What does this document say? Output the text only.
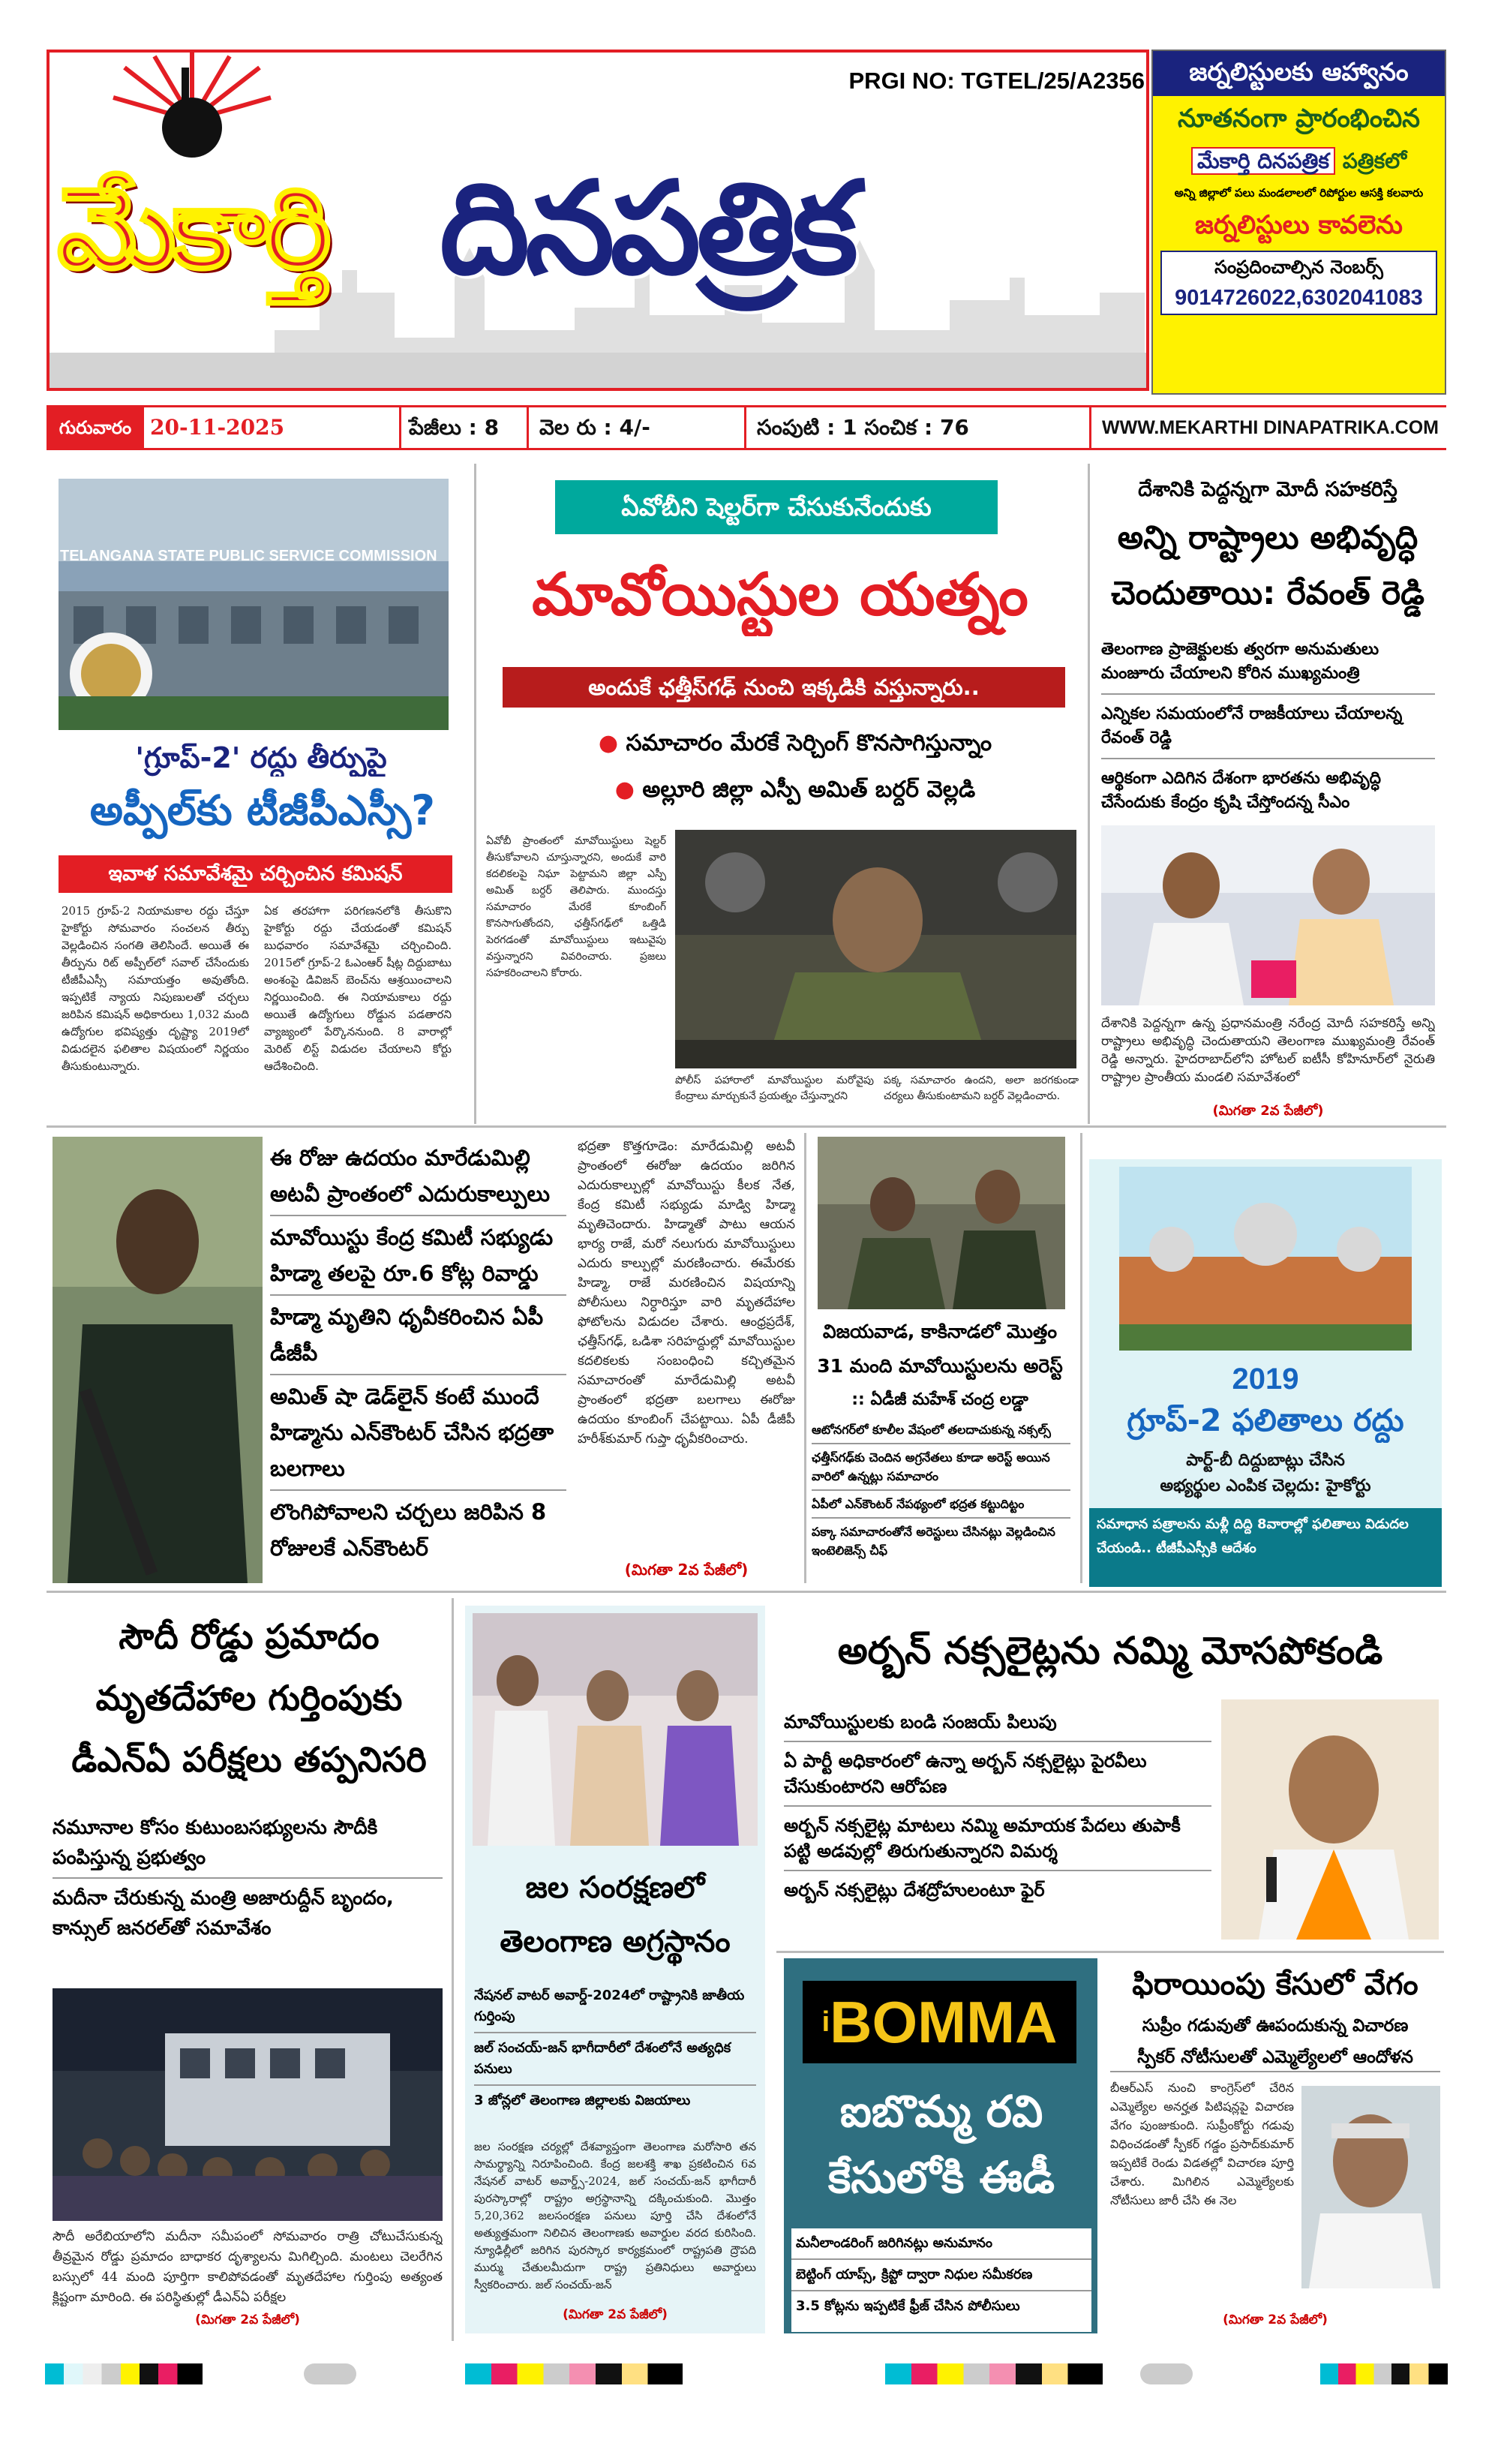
మేకార్తి దినపత్రిక
PRGI NO: TGTEL/25/A2356	జర్నలిస్టులకు ఆహ్వానం
నూతనంగా ప్రారంభించిన
మేకార్తి దినపత్రిక పత్రికలో
అన్ని జిల్లాలో పలు మండలాలలో రిపోర్టుల ఆసక్తి కలవారు
జర్నలిస్టులు కావలెను
సంప్రదించాల్సిన నెంబర్స్
9014726022,6302041083
గురువారం 20-11-2025	పేజీలు : 8	వెల రు : 4/-	సంపుటి : 1 సంచిక : 76	WWW.MEKARTHI DINAPATRIKA.COM
TELANGANA STATE PUBLIC SERVICE COMMISSION
'గ్రూప్-2' రద్దు తీర్పుపై
అప్పీల్‌కు టీజీపీఎస్సీ?
ఇవాళ సమావేశమై చర్చించిన కమిషన్
2015 గ్రూప్-2 నియామకాల రద్దు చేస్తూ హైకోర్టు సోమవారం సంచలన తీర్పు వెల్లడించిన సంగతి తెలిసిందే. అయితే ఈ తీర్పును రిట్ అప్పీల్‌లో సవాల్ చేసేందుకు టీజీపీఎస్సీ సమాయత్తం అవుతోంది. ఇప్పటికే న్యాయ నిపుణులతో చర్చలు జరిపిన కమిషన్ అధికారులు 1,032 మంది ఉద్యోగుల భవిష్యత్తు దృష్ట్యా 2019లో విడుదలైన ఫలితాల విషయంలో నిర్ణయం తీసుకుంటున్నారు.
ఏక తరహాగా పరిగణనలోకి తీసుకొని హైకోర్టు రద్దు చేయడంతో కమిషన్ బుధవారం సమావేశమై చర్చించింది. 2015లో గ్రూప్-2 ఓఎంఆర్ షీట్ల దిద్దుబాటు అంశంపై డివిజన్ బెంచ్‌ను ఆశ్రయించాలని నిర్ణయించింది. ఈ నియామకాలు రద్దు అయితే ఉద్యోగులు రోడ్డున పడతారని వ్యాజ్యంలో పేర్కొననుంది. 8 వారాల్లో మెరిట్ లిస్ట్ విడుదల చేయాలని కోర్టు ఆదేశించింది.
ఏవోబీని షెల్టర్‌గా చేసుకునేందుకు
మావోయిస్టుల యత్నం
అందుకే ఛత్తీస్‌గఢ్ నుంచి ఇక్కడికి వస్తున్నారు..
● సమాచారం మేరకే సెర్చింగ్ కొనసాగిస్తున్నాం
● అల్లూరి జిల్లా ఎస్పీ అమిత్ బర్దర్ వెల్లడి
ఏవోబీ ప్రాంతంలో మావోయిస్టులు షెల్టర్ తీసుకోవాలని చూస్తున్నారని, అందుకే వారి కదలికలపై నిఘా పెట్టామని జిల్లా ఎస్పీ అమిత్ బర్దర్ తెలిపారు. ముందస్తు సమాచారం మేరకే కూంబింగ్ కొనసాగుతోందని, ఛత్తీస్‌గఢ్‌లో ఒత్తిడి పెరగడంతో మావోయిస్టులు ఇటువైపు వస్తున్నారని వివరించారు. ప్రజలు సహకరించాలని కోరారు.
పోలీస్ పహారాలో మావోయిస్టుల మరోవైపు కేంద్రాలు మార్చుకునే ప్రయత్నం చేస్తున్నారని
పక్క సమాచారం ఉందని, అలా జరగకుండా చర్యలు తీసుకుంటామని బర్దర్ వెల్లడించారు.
దేశానికి పెద్దన్నగా మోదీ సహకరిస్తే
అన్ని రాష్ట్రాలు అభివృద్ధి చెందుతాయి: రేవంత్ రెడ్డి
తెలంగాణ ప్రాజెక్టులకు త్వరగా అనుమతులు మంజూరు చేయాలని కోరిన ముఖ్యమంత్రి
ఎన్నికల సమయంలోనే రాజకీయాలు చేయాలన్న రేవంత్ రెడ్డి
ఆర్థికంగా ఎదిగిన దేశంగా భారతను అభివృద్ధి చేసేందుకు కేంద్రం కృషి చేస్తోందన్న సీఎం
దేశానికి పెద్దన్నగా ఉన్న ప్రధానమంత్రి నరేంద్ర మోదీ సహకరిస్తే అన్ని రాష్ట్రాలు అభివృద్ధి చెందుతాయని తెలంగాణ ముఖ్యమంత్రి రేవంత్ రెడ్డి అన్నారు. హైదరాబాద్‌లోని హోటల్ ఐటీసీ కోహినూర్‌లో నైరుతి రాష్ట్రాల ప్రాంతీయ మండలి సమావేశంలో
(మిగతా 2వ పేజీలో)
ఈ రోజు ఉదయం మారేడుమిల్లి అటవీ ప్రాంతంలో ఎదురుకాల్పులు
మావోయిస్టు కేంద్ర కమిటీ సభ్యుడు హిడ్మా తలపై రూ.6 కోట్ల రివార్డు
హిడ్మా మృతిని ధృవీకరించిన ఏపీ డీజీపీ
అమిత్ షా డెడ్‌లైన్ కంటే ముందే హిడ్మాను ఎన్‌కౌంటర్ చేసిన భద్రతా బలగాలు
లొంగిపోవాలని చర్చలు జరిపిన 8 రోజులకే ఎన్‌కౌంటర్
భద్రతా కొత్తగూడెం: మారేడుమిల్లి అటవీ ప్రాంతంలో ఈరోజు ఉదయం జరిగిన ఎదురుకాల్పుల్లో మావోయిస్టు కీలక నేత, కేంద్ర కమిటీ సభ్యుడు మాడ్వి హిడ్మా మృతిచెందారు. హిడ్మాతో పాటు ఆయన భార్య రాజే, మరో నలుగురు మావోయిస్టులు ఎదురు కాల్పుల్లో మరణించారు. ఈమేరకు హిడ్మా, రాజే మరణించిన విషయాన్ని పోలీసులు నిర్ధారిస్తూ వారి మృతదేహాల ఫోటోలను విడుదల చేశారు. ఆంధ్రప్రదేశ్, ఛత్తీస్‌గఢ్, ఒడిశా సరిహద్దుల్లో మావోయిస్టుల కదలికలకు సంబంధించి కచ్చితమైన సమాచారంతో మారేడుమిల్లి అటవీ ప్రాంతంలో భద్రతా బలగాలు ఈరోజు ఉదయం కూంబింగ్ చేపట్టాయి. ఏపీ డీజీపీ హరీశ్‌కుమార్ గుప్తా ధృవీకరించారు.
(మిగతా 2వ పేజీలో)
విజయవాడ, కాకినాడలో మొత్తం 31 మంది మావోయిస్టులను అరెస్ట్
:: ఏడీజీ మహేశ్ చంద్ర లడ్డా
ఆటోనగర్‌లో కూలీల వేషంలో తలదాచుకున్న నక్సల్స్
ఛత్తీస్‌గఢ్‌కు చెందిన అగ్రనేతలు కూడా అరెస్ట్ అయిన వారిలో ఉన్నట్లు సమాచారం
ఏపీలో ఎన్‌కౌంటర్ నేపథ్యంలో భద్రత కట్టుదిట్టం
పక్కా సమాచారంతోనే అరెస్టులు చేసినట్లు వెల్లడించిన ఇంటెలిజెన్స్ చీఫ్
2019
గ్రూప్-2 ఫలితాలు రద్దు
పార్ట్-బీ దిద్దుబాట్లు చేసిన
అభ్యర్థుల ఎంపిక చెల్లదు: హైకోర్టు
సమాధాన పత్రాలను మళ్లీ దిద్ది 8వారాల్లో ఫలితాలు విడుదల చేయండి.. టీజీపీఎస్సీకి ఆదేశం
సౌదీ రోడ్డు ప్రమాదం మృతదేహాల గుర్తింపుకు డీఎన్‌ఏ పరీక్షలు తప్పనిసరి
నమూనాల కోసం కుటుంబసభ్యులను సౌదీకి పంపిస్తున్న ప్రభుత్వం
మదీనా చేరుకున్న మంత్రి అజారుద్దీన్ బృందం, కాన్సుల్ జనరల్‌తో సమావేశం
సౌదీ అరేబియాలోని మదీనా సమీపంలో సోమవారం రాత్రి చోటుచేసుకున్న తీవ్రమైన రోడ్డు ప్రమాదం బాధాకర దృశ్యాలను మిగిల్చింది. మంటలు చెలరేగిన బస్సులో 44 మంది పూర్తిగా కాలిపోవడంతో మృతదేహాల గుర్తింపు అత్యంత క్లిష్టంగా మారింది. ఈ పరిస్థితుల్లో డీఎన్‌ఏ పరీక్షల
(మిగతా 2వ పేజీలో)
జల సంరక్షణలో తెలంగాణ అగ్రస్థానం
నేషనల్ వాటర్ అవార్డ్-2024లో రాష్ట్రానికి జాతీయ గుర్తింపు
జల్ సంచయ్-జన్ భాగీదారీలో దేశంలోనే అత్యధిక పనులు
3 జోన్లలో తెలంగాణ జిల్లాలకు విజయాలు
జల సంరక్షణ చర్యల్లో దేశవ్యాప్తంగా తెలంగాణ మరోసారి తన సామర్థ్యాన్ని నిరూపించింది. కేంద్ర జలశక్తి శాఖ ప్రకటించిన 6వ నేషనల్ వాటర్ అవార్డ్స్-2024, జల్ సంచయ్-జన్ భాగీదారీ పురస్కారాల్లో రాష్ట్రం అగ్రస్థానాన్ని దక్కించుకుంది. మొత్తం 5,20,362 జలసంరక్షణ పనులు పూర్తి చేసి దేశంలోనే అత్యుత్తమంగా నిలిచిన తెలంగాణకు అవార్డుల వరద కురిసింది. న్యూఢిల్లీలో జరిగిన పురస్కార కార్యక్రమంలో రాష్ట్రపతి ద్రౌపది ముర్ము చేతులమీదుగా రాష్ట్ర ప్రతినిధులు అవార్డులు స్వీకరించారు. జల్ సంచయ్-జన్
(మిగతా 2వ పేజీలో)
అర్బన్ నక్సలైట్లను నమ్మి మోసపోకండి
మావోయిస్టులకు బండి సంజయ్ పిలుపు
ఏ పార్టీ అధికారంలో ఉన్నా అర్బన్ నక్సలైట్లు పైరవీలు చేసుకుంటారని ఆరోపణ
అర్బన్ నక్సలైట్ల మాటలు నమ్మి అమాయక పేదలు తుపాకీ పట్టి అడవుల్లో తిరుగుతున్నారని విమర్శ
అర్బన్ నక్సలైట్లు దేశద్రోహులంటూ ఫైర్
$^i$BOMMA
ఐబొమ్మ రవి కేసులోకి ఈడీ
మనీలాండరింగ్ జరిగినట్లు అనుమానం
బెట్టింగ్ యాప్స్, క్రిప్టో ద్వారా నిధుల సమీకరణ
3.5 కోట్లను ఇప్పటికే ఫ్రీజ్ చేసిన పోలీసులు
ఫిరాయింపు కేసులో వేగం
సుప్రీం గడువుతో ఊపందుకున్న విచారణ
స్పీకర్ నోటీసులతో ఎమ్మెల్యేలలో ఆందోళన
బీఆర్‌ఎస్ నుంచి కాంగ్రెస్‌లో చేరిన ఎమ్మెల్యేల అనర్హత పిటిషన్లపై విచారణ వేగం పుంజుకుంది. సుప్రీంకోర్టు గడువు విధించడంతో స్పీకర్ గడ్డం ప్రసాద్‌కుమార్ ఇప్పటికే రెండు విడతల్లో విచారణ పూర్తి చేశారు. మిగిలిన ఎమ్మెల్యేలకు నోటీసులు జారీ చేసి ఈ నెల
(మిగతా 2వ పేజీలో)
